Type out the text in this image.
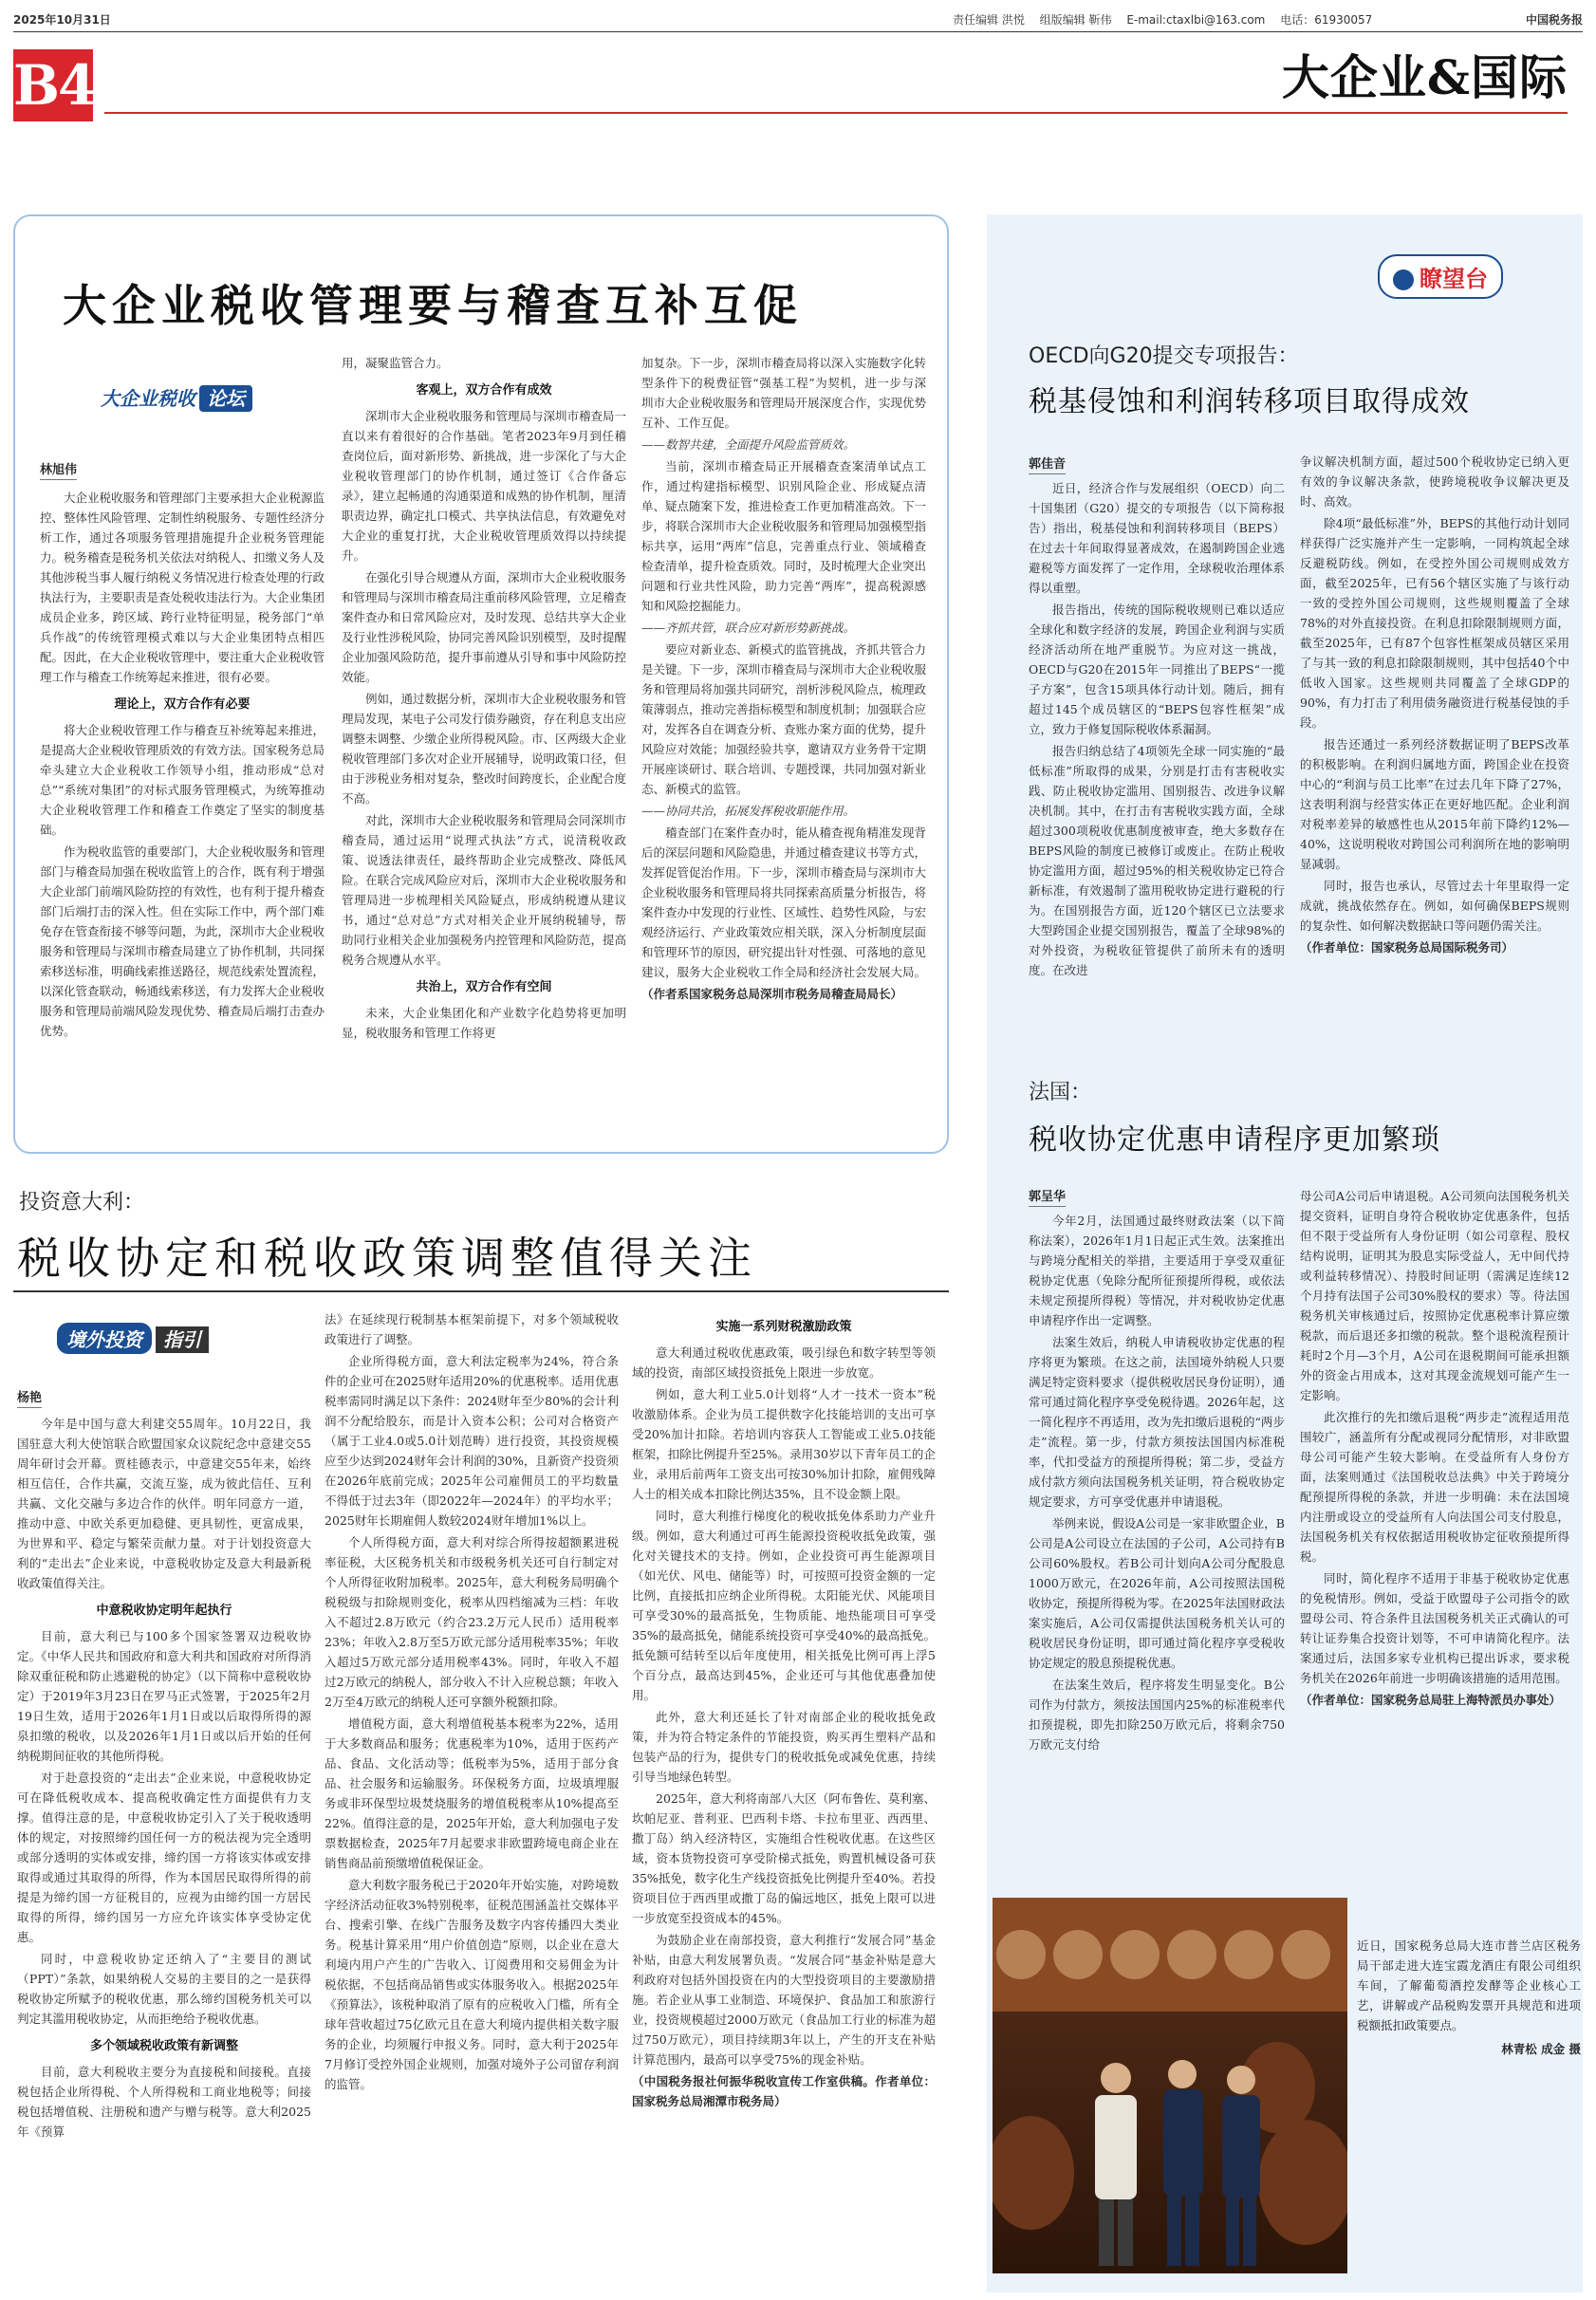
2025年10月31日	责任编辑 洪悦 组版编辑 靳伟 E-mail:ctaxlbi@163.com 电话：61930057	中国税务报
B4	大企业&国际
大企业税收管理要与稽查互补互促
大企业税收 论坛
林旭伟

大企业税收服务和管理部门主要承担大企业税源监控、整体性风险管理、定制性纳税服务、专题性经济分析工作，通过各项服务管理措施提升企业税务管理能力。税务稽查是税务机关依法对纳税人、扣缴义务人及其他涉税当事人履行纳税义务情况进行检查处理的行政执法行为，主要职责是查处税收违法行为。大企业集团成员企业多，跨区域、跨行业特征明显，税务部门“单兵作战”的传统管理模式难以与大企业集团特点相匹配。因此，在大企业税收管理中，要注重大企业税收管理工作与稽查工作统筹起来推进，很有必要。

理论上，双方合作有必要

将大企业税收管理工作与稽查互补统筹起来推进，是提高大企业税收管理质效的有效方法。国家税务总局牵头建立大企业税收工作领导小组，推动形成“总对总”“系统对集团”的对标式服务管理模式，为统筹推动大企业税收管理工作和稽查工作奠定了坚实的制度基础。

作为税收监管的重要部门，大企业税收服务和管理部门与稽查局加强在税收监管上的合作，既有利于增强大企业部门前端风险防控的有效性，也有利于提升稽查部门后端打击的深入性。但在实际工作中，两个部门难免存在管查衔接不够等问题，为此，深圳市大企业税收服务和管理局与深圳市稽查局建立了协作机制，共同探索移送标准，明确线索推送路径，规范线索处置流程，以深化管查联动，畅通线索移送，有力发挥大企业税收服务和管理局前端风险发现优势、稽查局后端打击查办优势。

用，凝聚监管合力。

客观上，双方合作有成效

深圳市大企业税收服务和管理局与深圳市稽查局一直以来有着很好的合作基础。笔者2023年9月到任稽查岗位后，面对新形势、新挑战，进一步深化了与大企业税收管理部门的协作机制，通过签订《合作备忘录》，建立起畅通的沟通渠道和成熟的协作机制，厘清职责边界，确定扎口模式、共享执法信息，有效避免对大企业的重复打扰，大企业税收管理质效得以持续提升。

在强化引导合规遵从方面，深圳市大企业税收服务和管理局与深圳市稽查局注重前移风险管理，立足稽查案件查办和日常风险应对，及时发现、总结共享大企业及行业性涉税风险，协同完善风险识别模型，及时提醒企业加强风险防范，提升事前遵从引导和事中风险防控效能。

例如，通过数据分析，深圳市大企业税收服务和管理局发现，某电子公司发行债券融资，存在利息支出应调整未调整、少缴企业所得税风险。市、区两级大企业税收管理部门多次对企业开展辅导，说明政策口径，但由于涉税业务相对复杂，整改时间跨度长，企业配合度不高。

对此，深圳市大企业税收服务和管理局会同深圳市稽查局，通过运用“说理式执法”方式，说清税收政策、说透法律责任，最终帮助企业完成整改、降低风险。在联合完成风险应对后，深圳市大企业税收服务和管理局进一步梳理相关风险疑点，形成纳税遵从建议书，通过“总对总”方式对相关企业开展纳税辅导，帮助同行业相关企业加强税务内控管理和风险防范，提高税务合规遵从水平。

共治上，双方合作有空间

未来，大企业集团化和产业数字化趋势将更加明显，税收服务和管理工作将更

加复杂。下一步，深圳市稽查局将以深入实施数字化转型条件下的税费征管“强基工程”为契机，进一步与深圳市大企业税收服务和管理局开展深度合作，实现优势互补、工作互促。

——数智共建，全面提升风险监管质效。

当前，深圳市稽查局正开展稽查查案清单试点工作，通过构建指标模型、识别风险企业、形成疑点清单、疑点随案下发，推进检查工作更加精准高效。下一步，将联合深圳市大企业税收服务和管理局加强模型指标共享，运用“两库”信息，完善重点行业、领域稽查检查清单，提升检查质效。同时，及时梳理大企业突出问题和行业共性风险，助力完善“两库”，提高税源感知和风险挖掘能力。

——齐抓共管，联合应对新形势新挑战。

要应对新业态、新模式的监管挑战，齐抓共管合力是关键。下一步，深圳市稽查局与深圳市大企业税收服务和管理局将加强共同研究，剖析涉税风险点，梳理政策薄弱点，推动完善指标模型和制度机制；加强联合应对，发挥各自在调查分析、查账办案方面的优势，提升风险应对效能；加强经验共享，邀请双方业务骨干定期开展座谈研讨、联合培训、专题授课，共同加强对新业态、新模式的监管。

——协同共治，拓展发挥税收职能作用。

稽查部门在案件查办时，能从稽查视角精准发现背后的深层问题和风险隐患，并通过稽查建议书等方式，发挥促管促治作用。下一步，深圳市稽查局与深圳市大企业税收服务和管理局将共同探索高质量分析报告，将案件查办中发现的行业性、区域性、趋势性风险，与宏观经济运行、产业政策效应相关联，深入分析制度层面和管理环节的原因，研究提出针对性强、可落地的意见建议，服务大企业税收工作全局和经济社会发展大局。

（作者系国家税务总局深圳市税务局稽查局局长）

瞭望台
OECD向G20提交专项报告：
税基侵蚀和利润转移项目取得成效
郭佳音

近日，经济合作与发展组织（OECD）向二十国集团（G20）提交的专项报告（以下简称报告）指出，税基侵蚀和利润转移项目（BEPS）在过去十年间取得显著成效，在遏制跨国企业逃避税等方面发挥了一定作用，全球税收治理体系得以重塑。

报告指出，传统的国际税收规则已难以适应全球化和数字经济的发展，跨国企业利润与实质经济活动所在地严重脱节。为应对这一挑战，OECD与G20在2015年一同推出了BEPS“一揽子方案”，包含15项具体行动计划。随后，拥有超过145个成员辖区的“BEPS包容性框架”成立，致力于修复国际税收体系漏洞。

报告归纳总结了4项领先全球一同实施的“最低标准”所取得的成果，分别是打击有害税收实践、防止税收协定滥用、国别报告、改进争议解决机制。其中，在打击有害税收实践方面，全球超过300项税收优惠制度被审查，绝大多数存在BEPS风险的制度已被修订或废止。在防止税收协定滥用方面，超过95%的相关税收协定已符合新标准，有效遏制了滥用税收协定进行避税的行为。在国别报告方面，近120个辖区已立法要求大型跨国企业提交国别报告，覆盖了全球98%的对外投资，为税收征管提供了前所未有的透明度。在改进

争议解决机制方面，超过500个税收协定已纳入更有效的争议解决条款，使跨境税收争议解决更及时、高效。

除4项“最低标准”外，BEPS的其他行动计划同样获得广泛实施并产生一定影响，一同构筑起全球反避税防线。例如，在受控外国公司规则成效方面，截至2025年，已有56个辖区实施了与该行动一致的受控外国公司规则，这些规则覆盖了全球78%的对外直接投资。在利息扣除限制规则方面，截至2025年，已有87个包容性框架成员辖区采用了与其一致的利息扣除限制规则，其中包括40个中低收入国家。这些规则共同覆盖了全球GDP的90%，有力打击了利用债务融资进行税基侵蚀的手段。

报告还通过一系列经济数据证明了BEPS改革的积极影响。在利润归属地方面，跨国企业在投资中心的“利润与员工比率”在过去几年下降了27%，这表明利润与经营实体正在更好地匹配。企业利润对税率差异的敏感性也从2015年前下降约12%—40%，这说明税收对跨国公司利润所在地的影响明显减弱。

同时，报告也承认，尽管过去十年里取得一定成就，挑战依然存在。例如，如何确保BEPS规则的复杂性、如何解决数据缺口等问题仍需关注。

（作者单位：国家税务总局国际税务司）

法国：
税收协定优惠申请程序更加繁琐
郭呈华

今年2月，法国通过最终财政法案（以下简称法案），2026年1月1日起正式生效。法案推出与跨境分配相关的举措，主要适用于享受双重征税协定优惠（免除分配所征预提所得税，或依法未规定预提所得税）等情况，并对税收协定优惠申请程序作出一定调整。

法案生效后，纳税人申请税收协定优惠的程序将更为繁琐。在这之前，法国境外纳税人只要满足特定资料要求（提供税收居民身份证明），通常可通过简化程序享受免税待遇。2026年起，这一简化程序不再适用，改为先扣缴后退税的“两步走”流程。第一步，付款方须按法国国内标准税率，代扣受益方的预提所得税；第二步，受益方成付款方须向法国税务机关证明，符合税收协定规定要求，方可享受优惠并申请退税。

举例来说，假设A公司是一家非欧盟企业，B公司是A公司设立在法国的子公司，A公司持有B公司60%股权。若B公司计划向A公司分配股息1000万欧元，在2026年前，A公司按照法国税收协定，预提所得税为零。在2025年法国财政法案实施后，A公司仅需提供法国税务机关认可的税收居民身份证明，即可通过简化程序享受税收协定规定的股息预提税优惠。

在法案生效后，程序将发生明显变化。B公司作为付款方，须按法国国内25%的标准税率代扣预提税，即先扣除250万欧元后，将剩余750万欧元支付给

母公司A公司后申请退税。A公司须向法国税务机关提交资料，证明自身符合税收协定优惠条件，包括但不限于受益所有人身份证明（如公司章程、股权结构说明，证明其为股息实际受益人，无中间代持或利益转移情况）、持股时间证明（需满足连续12个月持有法国子公司30%股权的要求）等。待法国税务机关审核通过后，按照协定优惠税率计算应缴税款，而后退还多扣缴的税款。整个退税流程预计耗时2个月—3个月，A公司在退税期间可能承担额外的资金占用成本，这对其现金流规划可能产生一定影响。

此次推行的先扣缴后退税“两步走”流程适用范围较广，涵盖所有分配或视同分配情形，对非欧盟母公司可能产生较大影响。在受益所有人身份方面，法案则通过《法国税收总法典》中关于跨境分配预提所得税的条款，并进一步明确：未在法国境内注册或设立的受益所有人向法国公司支付股息，法国税务机关有权依据适用税收协定征收预提所得税。

同时，简化程序不适用于非基于税收协定优惠的免税情形。例如，受益于欧盟母子公司指令的欧盟母公司、符合条件且法国税务机关正式确认的可转让证券集合投资计划等，不可申请简化程序。法案通过后，法国多家专业机构已提出诉求，要求税务机关在2026年前进一步明确该措施的适用范围。

（作者单位：国家税务总局驻上海特派员办事处）

投资意大利：
税收协定和税收政策调整值得关注
境外投资 指引
杨艳

今年是中国与意大利建交55周年。10月22日，我国驻意大利大使馆联合欧盟国家众议院纪念中意建交55周年研讨会开幕。贾桂德表示，中意建交55年来，始终相互信任，合作共赢，交流互鉴，成为彼此信任、互利共赢、文化交融与多边合作的伙伴。明年同意方一道，推动中意、中欧关系更加稳健、更具韧性，更富成果，为世界和平、稳定与繁荣贡献力量。对于计划投资意大利的“走出去”企业来说，中意税收协定及意大利最新税收政策值得关注。

中意税收协定明年起执行

目前，意大利已与100多个国家签署双边税收协定。《中华人民共和国政府和意大利共和国政府对所得消除双重征税和防止逃避税的协定》（以下简称中意税收协定）于2019年3月23日在罗马正式签署，于2025年2月19日生效，适用于2026年1月1日或以后取得所得的源泉扣缴的税收，以及2026年1月1日或以后开始的任何纳税期间征收的其他所得税。

对于赴意投资的“走出去”企业来说，中意税收协定可在降低税收成本、提高税收确定性方面提供有力支撑。值得注意的是，中意税收协定引入了关于税收透明体的规定，对按照缔约国任何一方的税法视为完全透明或部分透明的实体或安排，缔约国一方将该实体或安排取得或通过其取得的所得，作为本国居民取得所得的前提是为缔约国一方征税目的，应视为由缔约国一方居民取得的所得，缔约国另一方应允许该实体享受协定优惠。

同时，中意税收协定还纳入了“主要目的测试（PPT）”条款，如果纳税人交易的主要目的之一是获得税收协定所赋予的税收优惠，那么缔约国税务机关可以判定其滥用税收协定，从而拒绝给予税收优惠。

多个领域税收政策有新调整

目前，意大利税收主要分为直接税和间接税。直接税包括企业所得税、个人所得税和工商业地税等；间接税包括增值税、注册税和遗产与赠与税等。意大利2025年《预算

法》在延续现行税制基本框架前提下，对多个领域税收政策进行了调整。

企业所得税方面，意大利法定税率为24%，符合条件的企业可在2025财年适用20%的优惠税率。适用优惠税率需同时满足以下条件：2024财年至少80%的会计利润不分配给股东，而是计入资本公积；公司对合格资产（属于工业4.0或5.0计划范畴）进行投资，其投资规模应至少达到2024财年会计利润的30%，且新资产投资须在2026年底前完成；2025年公司雇佣员工的平均数量不得低于过去3年（即2022年—2024年）的平均水平；2025财年长期雇佣人数较2024财年增加1%以上。

个人所得税方面，意大利对综合所得按超额累进税率征税，大区税务机关和市级税务机关还可自行制定对个人所得征收附加税率。2025年，意大利税务局明确个税税级与扣除规则变化，税率从四档缩减为三档：年收入不超过2.8万欧元（约合23.2万元人民币）适用税率23%；年收入2.8万至5万欧元部分适用税率35%；年收入超过5万欧元部分适用税率43%。同时，年收入不超过2万欧元的纳税人，部分收入不计入应税总额；年收入2万至4万欧元的纳税人还可享额外税额扣除。

增值税方面，意大利增值税基本税率为22%，适用于大多数商品和服务；优惠税率为10%，适用于医药产品、食品、文化活动等；低税率为5%，适用于部分食品、社会服务和运输服务。环保税务方面，垃圾填埋服务或非环保型垃圾焚烧服务的增值税税率从10%提高至22%。值得注意的是，2025年开始，意大利加强电子发票数据检查，2025年7月起要求非欧盟跨境电商企业在销售商品前预缴增值税保证金。

意大利数字服务税已于2020年开始实施，对跨境数字经济活动征收3%特别税率，征税范围涵盖社交媒体平台、搜索引擎、在线广告服务及数字内容传播四大类业务。税基计算采用“用户价值创造”原则，以企业在意大利境内用户产生的广告收入、订阅费用和交易佣金为计税依据，不包括商品销售或实体服务收入。根据2025年《预算法》，该税种取消了原有的应税收入门槛，所有全球年营收超过75亿欧元且在意大利境内提供相关数字服务的企业，均须履行申报义务。同时，意大利于2025年7月修订受控外国企业规则，加强对境外子公司留存利润的监管。

实施一系列财税激励政策

意大利通过税收优惠政策，吸引绿色和数字转型等领域的投资，南部区域投资抵免上限进一步放宽。

例如，意大利工业5.0计划将“人才一技术一资本”税收激励体系。企业为员工提供数字化技能培训的支出可享受20%加计扣除。若培训内容获人工智能或工业5.0技能框架，扣除比例提升至25%。录用30岁以下青年员工的企业，录用后前两年工资支出可按30%加计扣除，雇佣残障人士的相关成本扣除比例达35%，且不设金额上限。

同时，意大利推行梯度化的税收抵免体系助力产业升级。例如，意大利通过可再生能源投资税收抵免政策，强化对关键技术的支持。例如，企业投资可再生能源项目（如光伏、风电、储能等）时，可按照可投资金额的一定比例，直接抵扣应纳企业所得税。太阳能光伏、风能项目可享受30%的最高抵免，生物质能、地热能项目可享受35%的最高抵免，储能系统投资可享受40%的最高抵免。抵免额可结转至以后年度使用，相关抵免比例可再上浮5个百分点，最高达到45%，企业还可与其他优惠叠加使用。

此外，意大利还延长了针对南部企业的税收抵免政策，并为符合特定条件的节能投资，购买再生塑料产品和包装产品的行为，提供专门的税收抵免或减免优惠，持续引导当地绿色转型。

2025年，意大利将南部八大区（阿布鲁佐、莫利塞、坎帕尼亚、普利亚、巴西利卡塔、卡拉布里亚、西西里、撒丁岛）纳入经济特区，实施组合性税收优惠。在这些区域，资本货物投资可享受阶梯式抵免，购置机械设备可获35%抵免，数字化生产线投资抵免比例提升至40%。若投资项目位于西西里或撒丁岛的偏远地区，抵免上限可以进一步放宽至投资成本的45%。

为鼓励企业在南部投资，意大利推行“发展合同”基金补贴，由意大利发展署负责。“发展合同”基金补贴是意大利政府对包括外国投资在内的大型投资项目的主要激励措施。若企业从事工业制造、环境保护、食品加工和旅游行业，投资规模超过2000万欧元（食品加工行业的标准为超过750万欧元），项目持续期3年以上，产生的开支在补贴计算范围内，最高可以享受75%的现金补贴。

（中国税务报社何振华税收宣传工作室供稿。作者单位：国家税务总局湘潭市税务局）

近日，国家税务总局大连市普兰店区税务局干部走进大连宝霞龙酒庄有限公司组织车间，了解葡萄酒控发酵等企业核心工艺，讲解或产品税购发票开具规范和进项税额抵扣政策要点。
林青松 成金 摄
